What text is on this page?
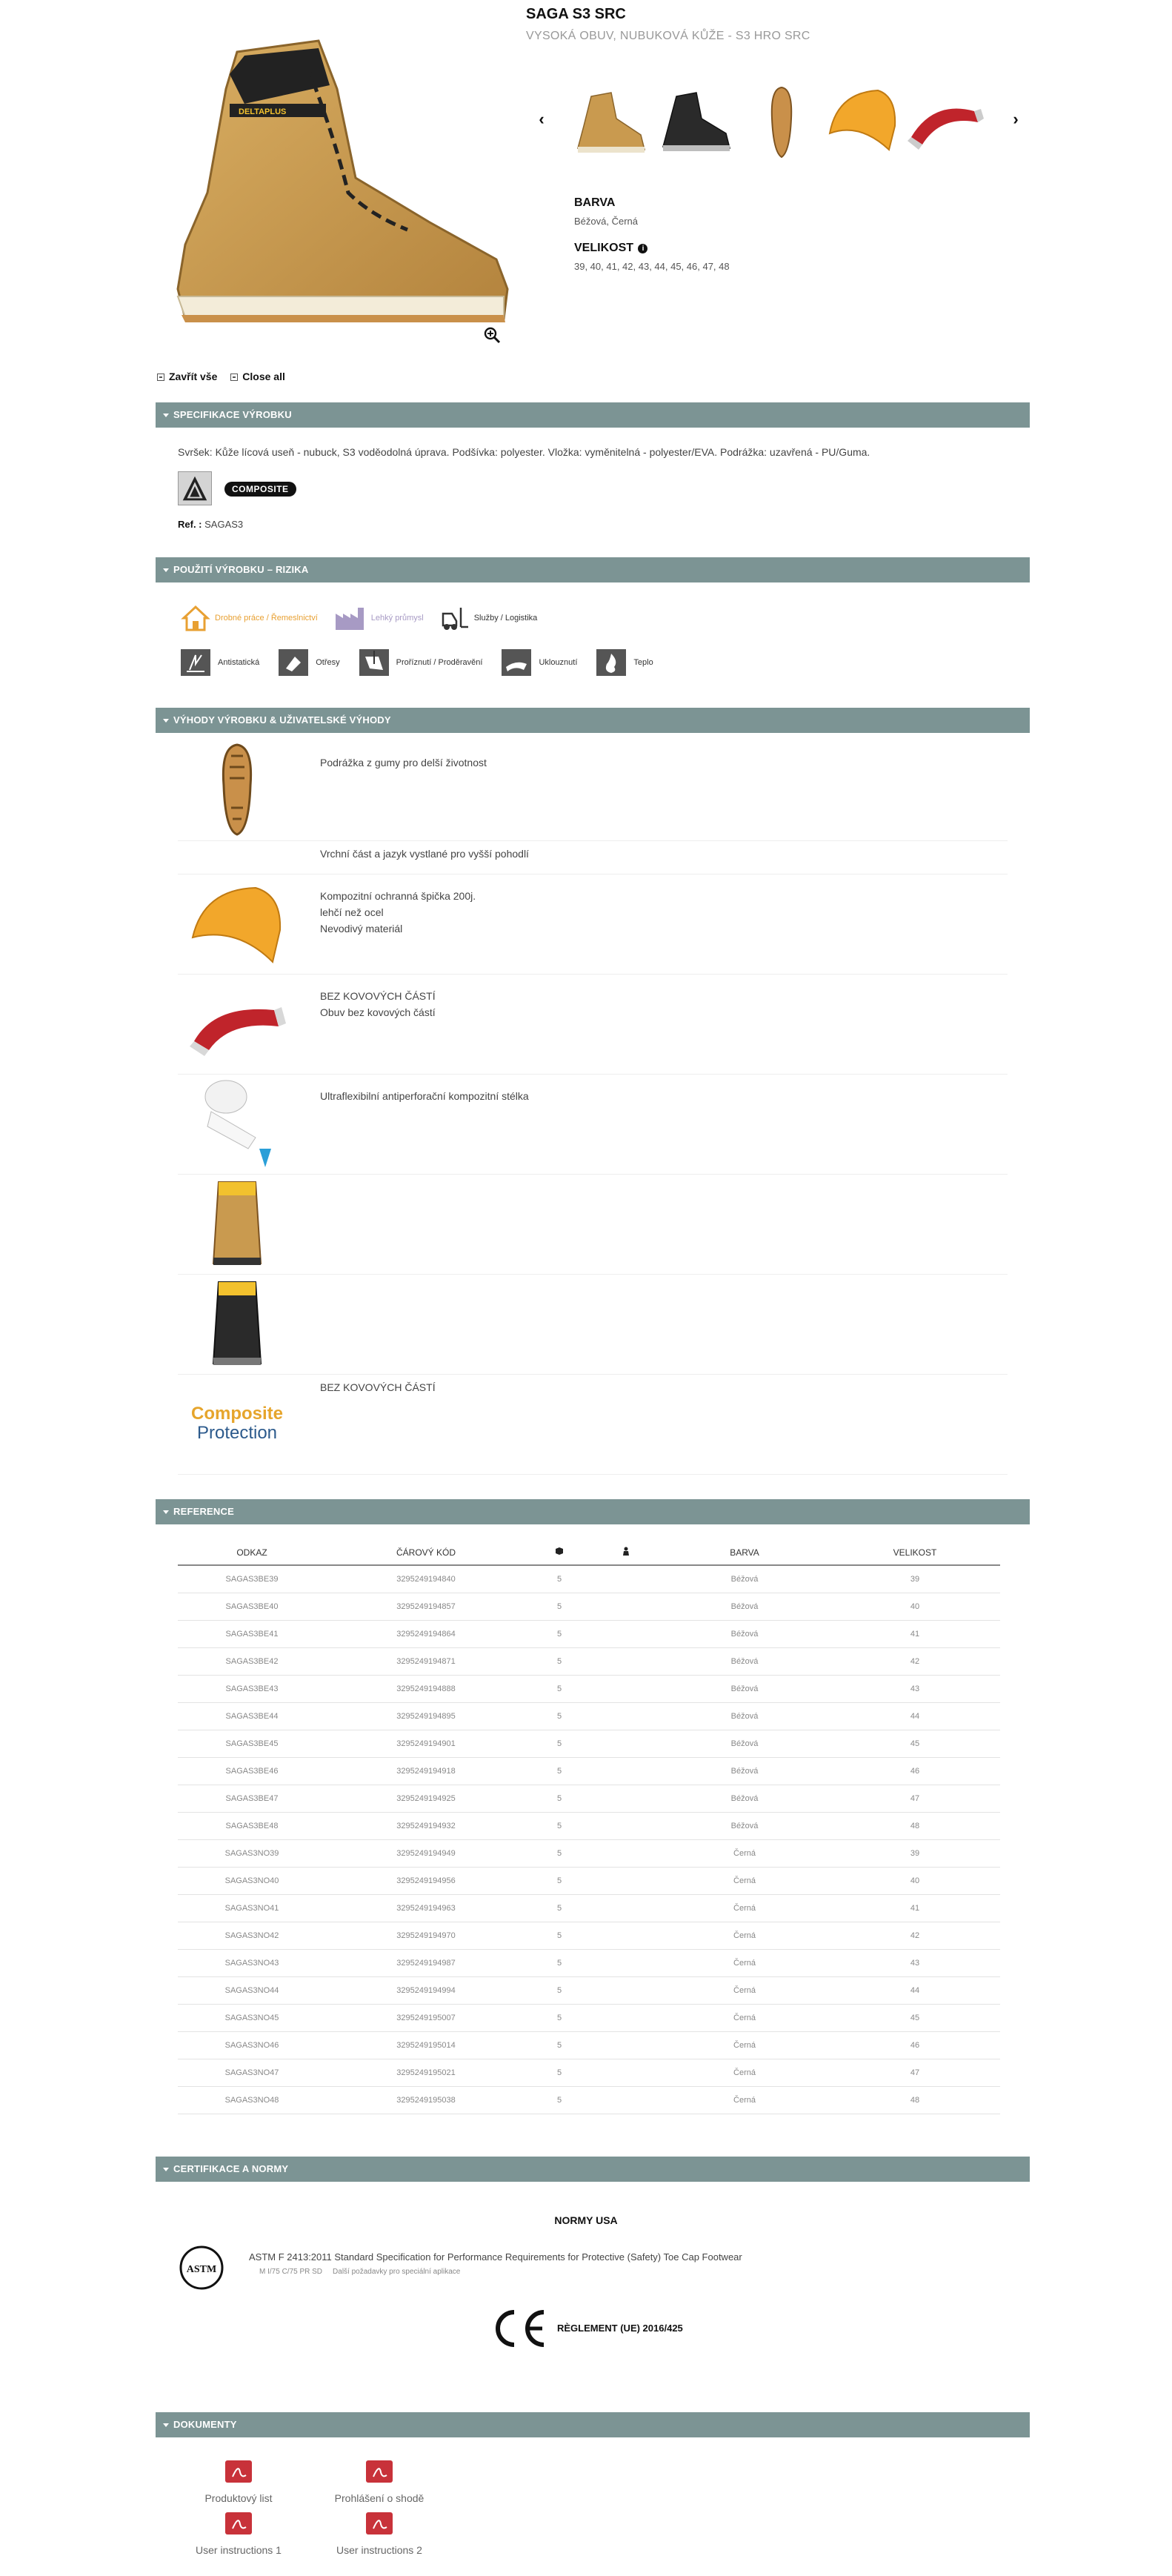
DELTAPLUS
SAGA S3 SRC
VYSOKÁ OBUV, NUBUKOVÁ KŮŽE - S3 HRO SRC
‹	›
BARVA
Béžová, Černá
VELIKOST i
39, 40, 41, 42, 43, 44, 45, 46, 47, 48
Zavřít vše Close all
SPECIFIKACE VÝROBKU
Svršek: Kůže lícová useň - nubuck, S3 voděodolná úprava. Podšívka: polyester. Vložka: vyměnitelná - polyester/EVA. Podrážka: uzavřená - PU/Guma.
COMPOSITE
Ref. : SAGAS3
POUŽITÍ VÝROBKU – RIZIKA
Drobné práce / Řemeslnictví	Lehký průmysl	Služby / Logistika
Antistatická	Otřesy	Proříznutí / Proděravění	Uklouznutí	Teplo
VÝHODY VÝROBKU & UŽIVATELSKÉ VÝHODY
Podrážka z gumy pro delší životnost
Vrchní část a jazyk vystlané pro vyšší pohodlí
Kompozitní ochranná špička 200j.
lehčí než ocel
Nevodivý materiál
BEZ KOVOVÝCH ČÁSTÍ
Obuv bez kovových částí
Ultraflexibilní antiperforační kompozitní stélka
Composite
Protection
BEZ KOVOVÝCH ČÁSTÍ
REFERENCE
ODKAZ	ČÁROVÝ KÓD			BARVA	VELIKOST
SAGAS3BE39	3295249194840	5		Béžová	39
SAGAS3BE40	3295249194857	5		Béžová	40
SAGAS3BE41	3295249194864	5		Béžová	41
SAGAS3BE42	3295249194871	5		Béžová	42
SAGAS3BE43	3295249194888	5		Béžová	43
SAGAS3BE44	3295249194895	5		Béžová	44
SAGAS3BE45	3295249194901	5		Béžová	45
SAGAS3BE46	3295249194918	5		Béžová	46
SAGAS3BE47	3295249194925	5		Béžová	47
SAGAS3BE48	3295249194932	5		Béžová	48
SAGAS3NO39	3295249194949	5		Černá	39
SAGAS3NO40	3295249194956	5		Černá	40
SAGAS3NO41	3295249194963	5		Černá	41
SAGAS3NO42	3295249194970	5		Černá	42
SAGAS3NO43	3295249194987	5		Černá	43
SAGAS3NO44	3295249194994	5		Černá	44
SAGAS3NO45	3295249195007	5		Černá	45
SAGAS3NO46	3295249195014	5		Černá	46
SAGAS3NO47	3295249195021	5		Černá	47
SAGAS3NO48	3295249195038	5		Černá	48
CERTIFIKACE A NORMY
NORMY USA
ASTM
ASTM F 2413:2011 Standard Specification for Performance Requirements for Protective (Safety) Toe Cap Footwear
M I/75 C/75 PR SD Další požadavky pro speciální aplikace
RÈGLEMENT (UE) 2016/425
DOKUMENTY
Produktový list	Prohlášení o shodě
User instructions 1	User instructions 2
